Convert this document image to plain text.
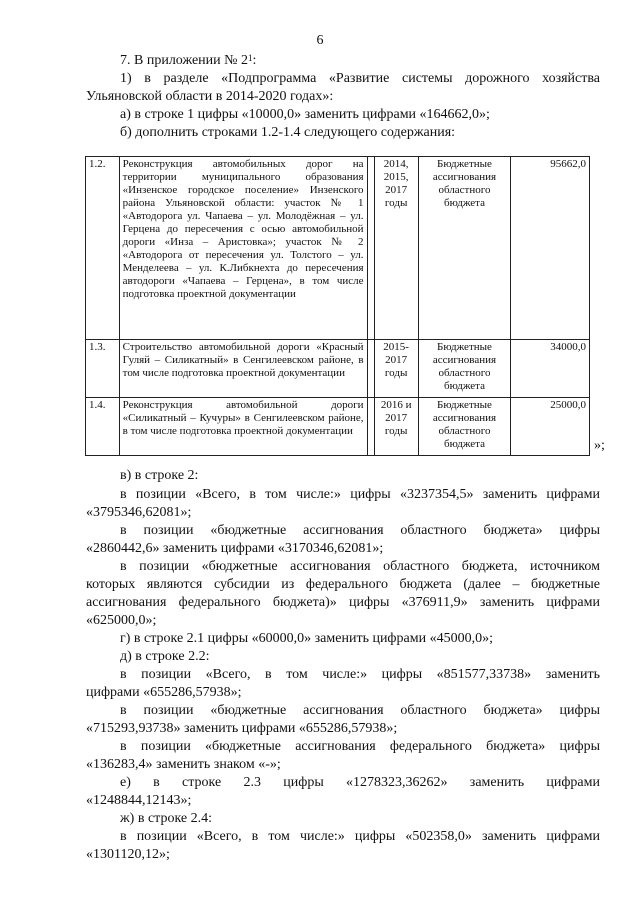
6
7. В приложении № $2^1$:
1) в разделе «Подпрограмма «Развитие системы дорожного хозяйства
Ульяновской области в 2014-2020 годах»:
а) в строке 1 цифры «10000,0» заменить цифрами «164662,0»;
б) дополнить строками 1.2-1.4 следующего содержания:
1.2.	Реконструкция автомобильных дорог на территории муниципального образования «Инзенское городское поселение» Инзенского района Ульяновской области: участок № 1 «Автодорога ул. Чапаева – ул. Молодёжная – ул. Герцена до пересечения с осью автомобильной дороги «Инза – Аристовка»; участок № 2 «Автодорога от пересечения ул. Толстого – ул. Менделеева – ул. К.Либкнехта до пересечения автодороги «Чапаева – Герцена», в том числе подготовка проектной документации		2014, 2015, 2017 годы	Бюджетные ассигнования областного бюджета	95662,0
1.3.	Строительство автомобильной дороги «Красный Гуляй – Силикатный» в Сенгилеевском районе, в том числе подготовка проектной документации		2015-2017 годы	Бюджетные ассигнования областного бюджета	34000,0
1.4.	Реконструкция автомобильной дороги «Силикатный – Кучуры» в Сенгилеевском районе, в том числе подготовка проектной документации		2016 и 2017 годы	Бюджетные ассигнования областного бюджета	25000,0
»;
в) в строке 2:
в позиции «Всего, в том числе:» цифры «3237354,5» заменить цифрами
«3795346,62081»;
в позиции «бюджетные ассигнования областного бюджета» цифры
«2860442,6» заменить цифрами «3170346,62081»;
в позиции «бюджетные ассигнования областного бюджета, источником
которых являются субсидии из федерального бюджета (далее – бюджетные
ассигнования федерального бюджета)» цифры «376911,9» заменить цифрами
«625000,0»;
г) в строке 2.1 цифры «60000,0» заменить цифрами «45000,0»;
д) в строке 2.2:
в позиции «Всего, в том числе:» цифры «851577,33738» заменить
цифрами «655286,57938»;
в позиции «бюджетные ассигнования областного бюджета» цифры
«715293,93738» заменить цифрами «655286,57938»;
в позиции «бюджетные ассигнования федерального бюджета» цифры
«136283,4» заменить знаком «-»;
е) в строке 2.3 цифры «1278323,36262» заменить цифрами
«1248844,12143»;
ж) в строке 2.4:
в позиции «Всего, в том числе:» цифры «502358,0» заменить цифрами
«1301120,12»;
